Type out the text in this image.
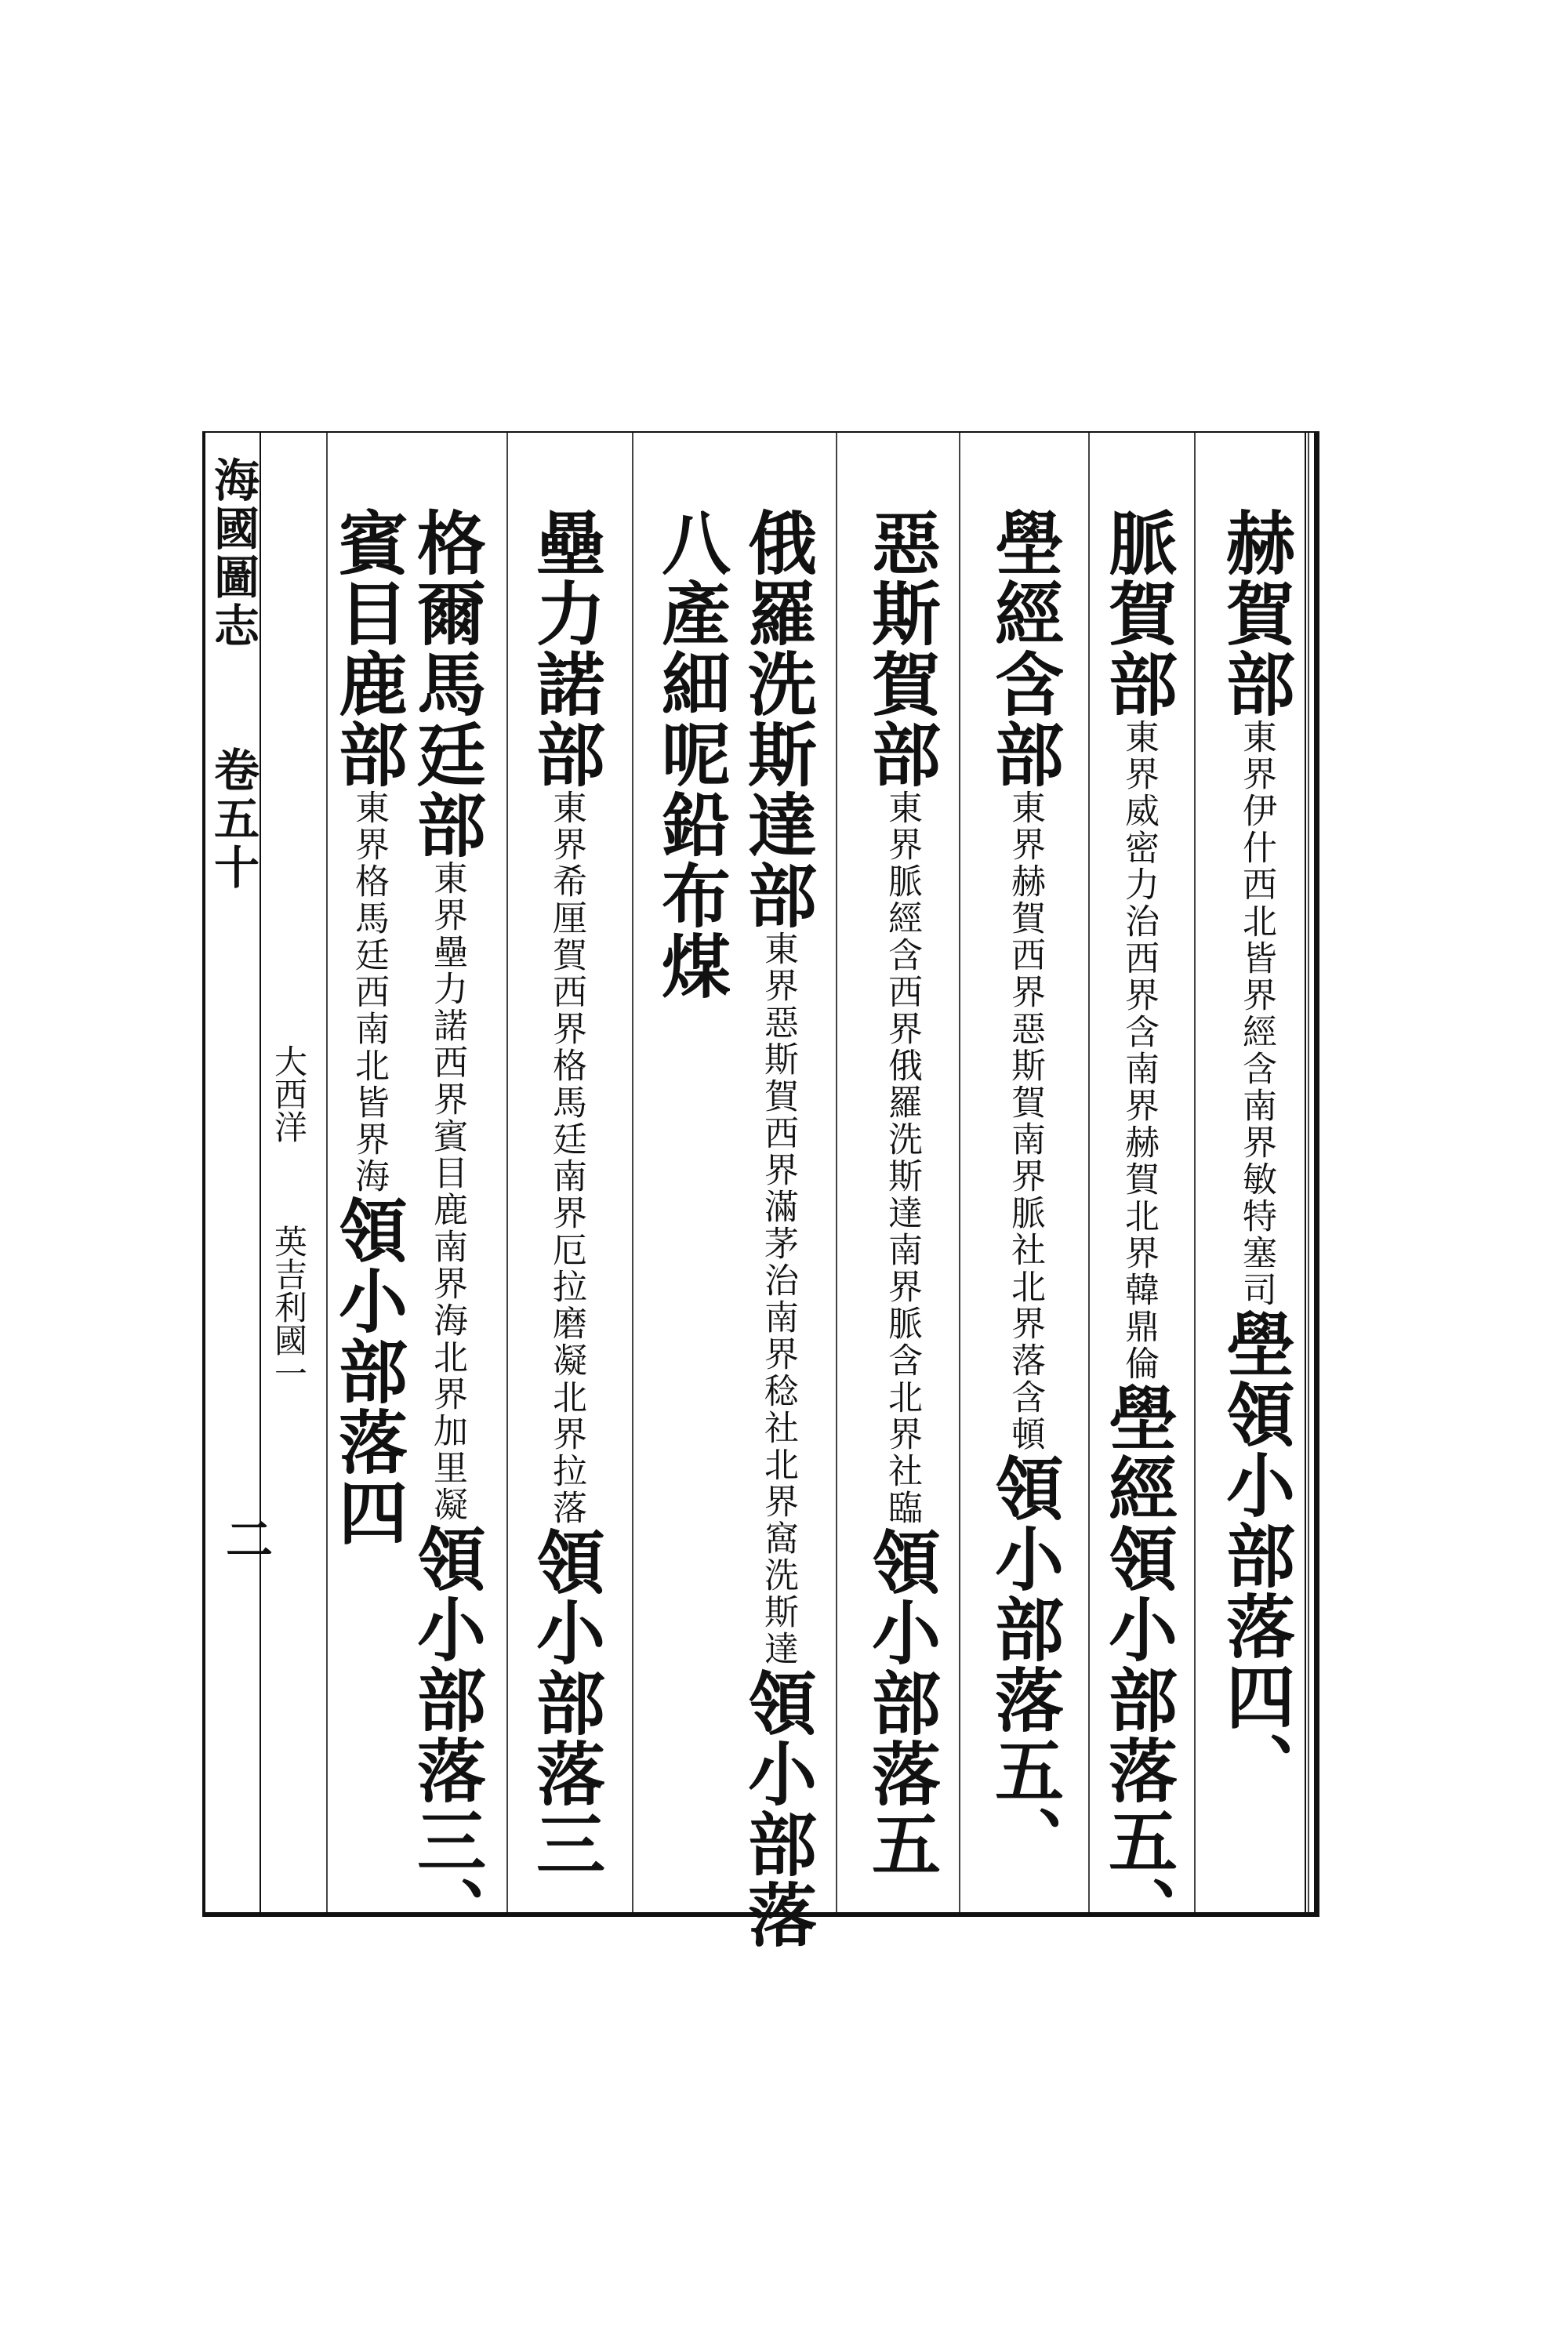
海國圖志
卷五十
二
大西洋
英吉利國一
赫賀部東界伊什西北皆界經含南界敏特塞司壆領小部落四、
脈賀部東界威密力治西界含南界赫賀北界韓鼎倫壆經領小部落五、
壆經含部東界赫賀西界惡斯賀南界脈社北界落含頓領小部落五、
惡斯賀部東界脈經含西界俄羅洗斯達南界脈含北界社臨領小部落五
俄羅洗斯達部東界惡斯賀西界滿茅治南界稔社北界窩洗斯達領小部落
八產細呢鉛布煤
壘力諾部東界希厘賀西界格馬廷南界厄拉磨凝北界拉落領小部落三
格爾馬廷部東界壘力諾西界賓目鹿南界海北界加里凝領小部落三、
賓目鹿部東界格馬廷西南北皆界海領小部落四
